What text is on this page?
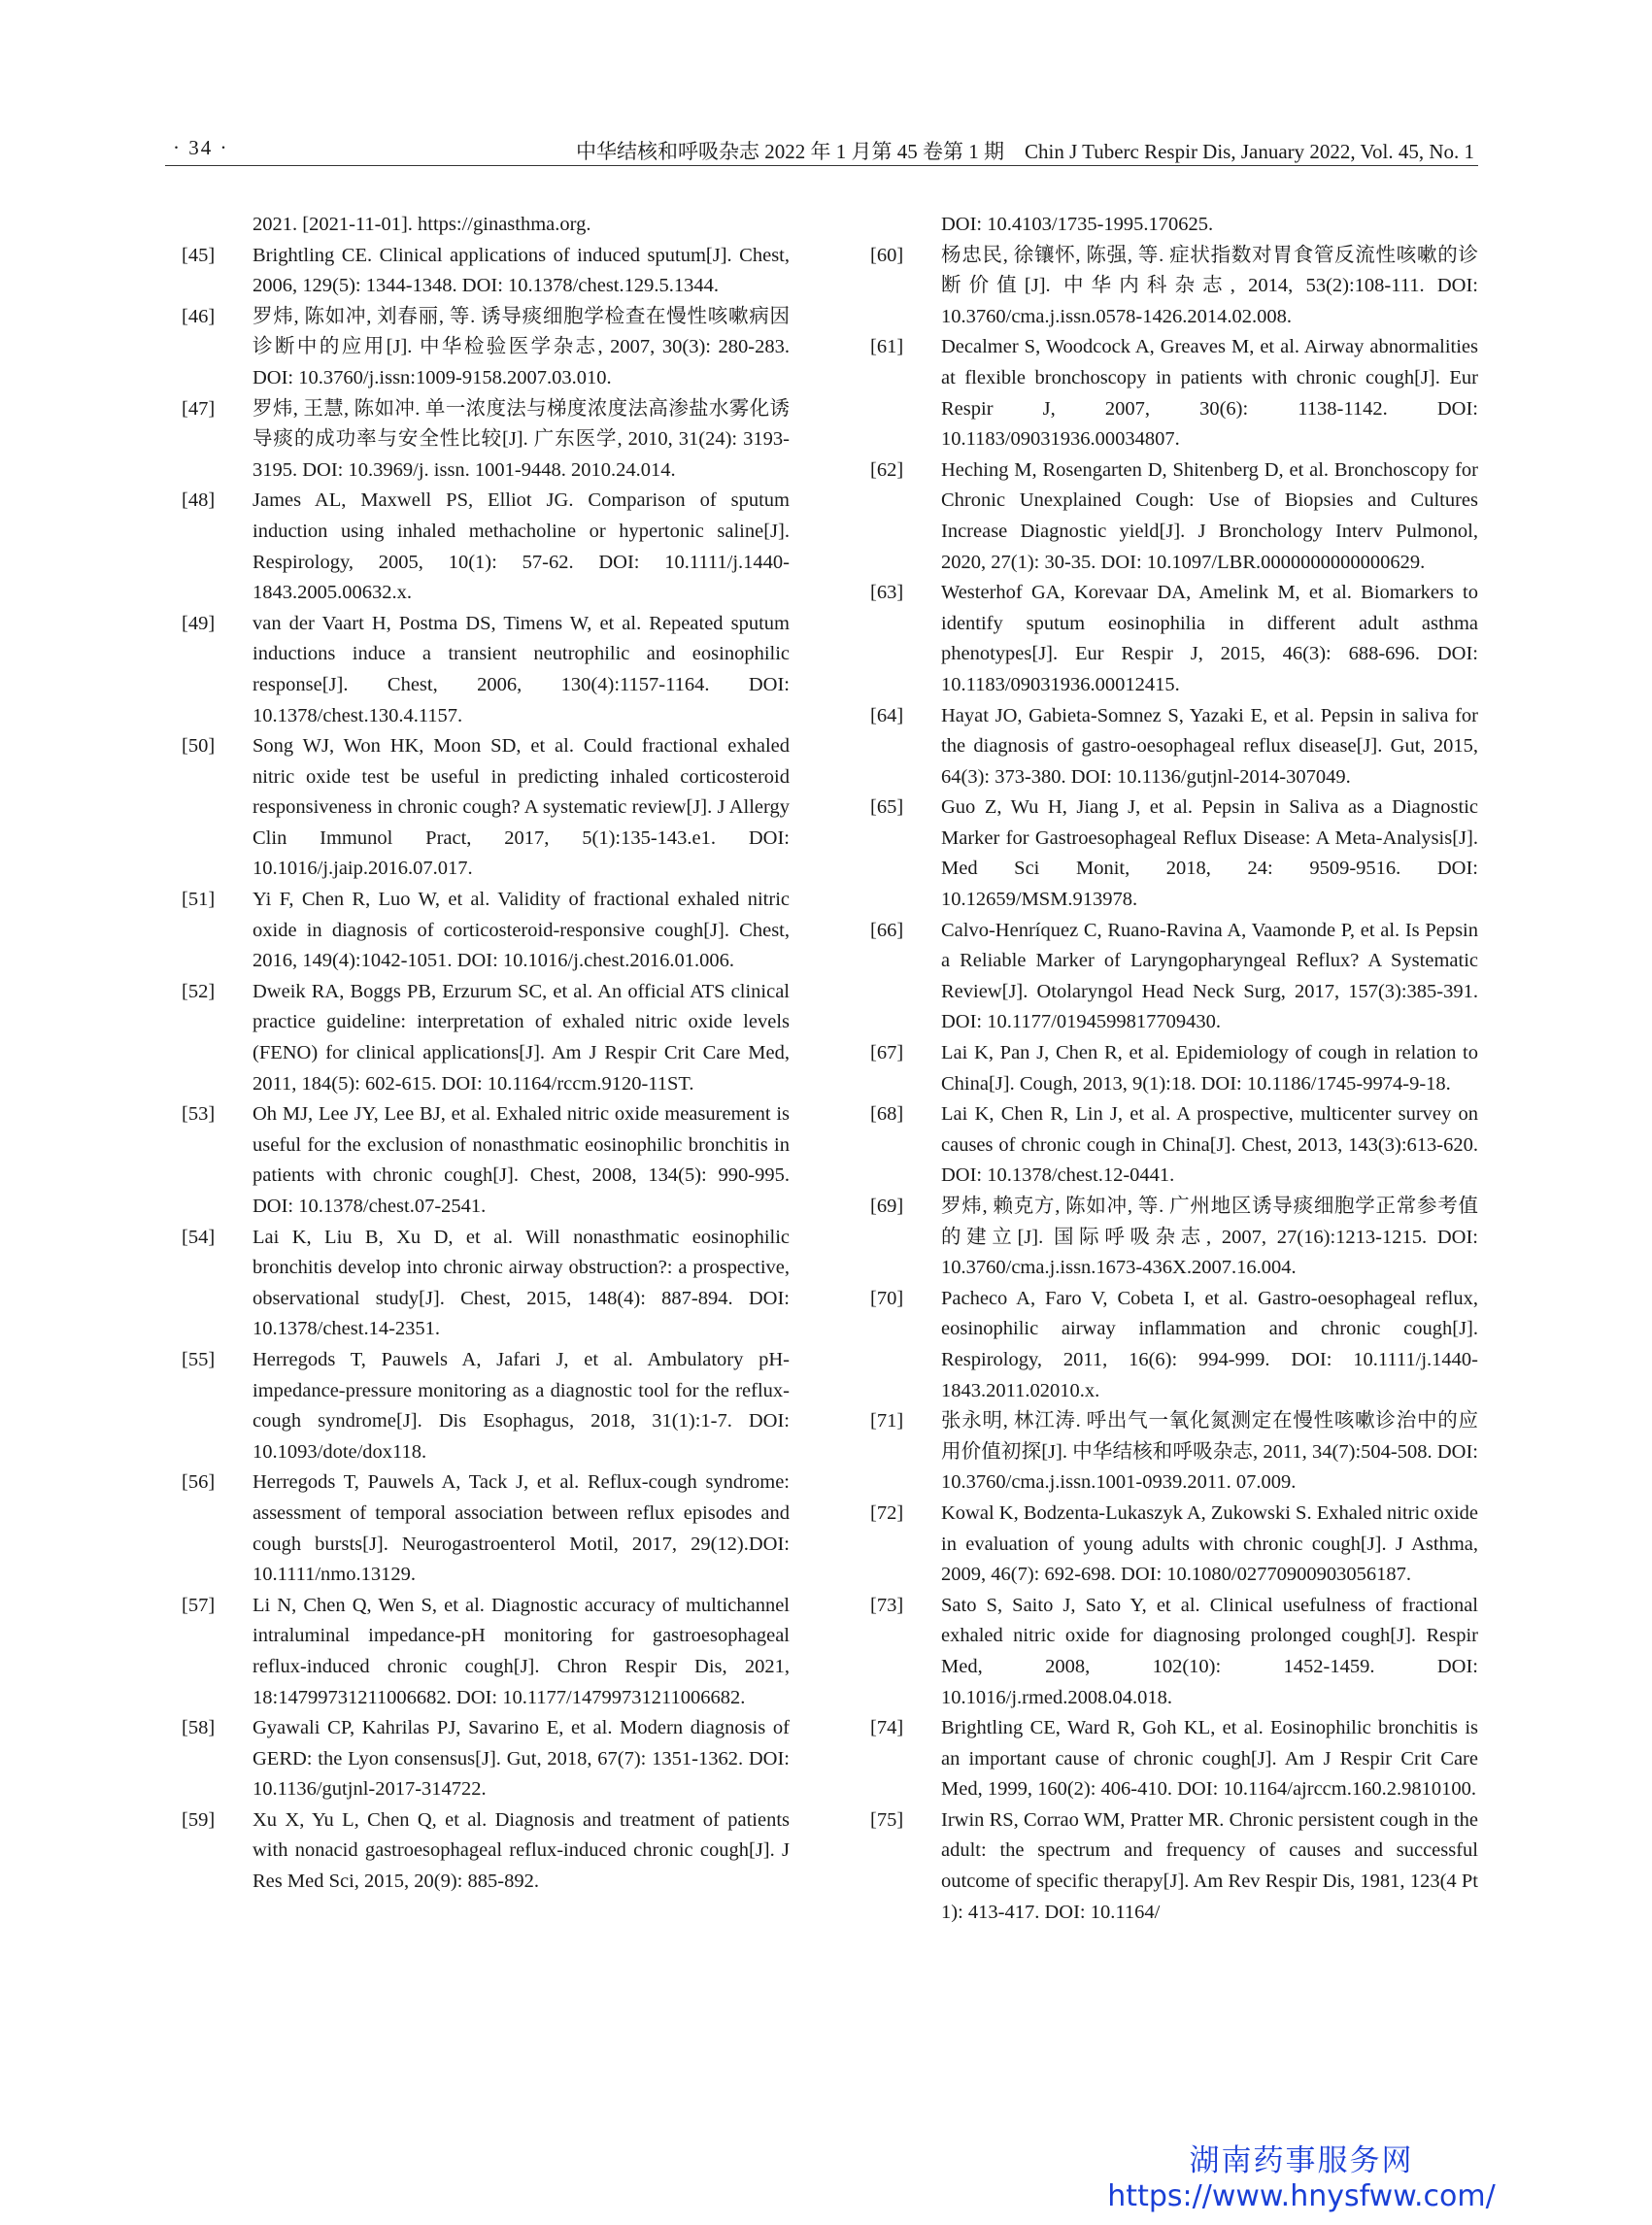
· 34 ·	中华结核和呼吸杂志 2022 年 1 月第 45 卷第 1 期　Chin J Tuberc Respir Dis, January 2022, Vol. 45, No. 1
2021. [2021-11-01]. https://ginasthma.org.
[45]	Brightling CE. Clinical applications of induced sputum[J]. Chest, 2006, 129(5): 1344-1348. DOI: 10.1378/chest.129.5.1344.
[46]	罗炜, 陈如冲, 刘春丽, 等. 诱导痰细胞学检查在慢性咳嗽病因诊断中的应用[J]. 中华检验医学杂志, 2007, 30(3): 280-283. DOI: 10.3760/j.issn:1009-9158.2007.03.010.
[47]	罗炜, 王慧, 陈如冲. 单一浓度法与梯度浓度法高渗盐水雾化诱导痰的成功率与安全性比较[J]. 广东医学, 2010, 31(24): 3193-3195. DOI: 10.3969/j. issn. 1001-9448. 2010.24.014.
[48]	James AL, Maxwell PS, Elliot JG. Comparison of sputum induction using inhaled methacholine or hypertonic saline[J]. Respirology, 2005, 10(1): 57-62. DOI: 10.1111/j.1440-1843.2005.00632.x.
[49]	van der Vaart H, Postma DS, Timens W, et al. Repeated sputum inductions induce a transient neutrophilic and eosinophilic response[J]. Chest, 2006, 130(4):1157-1164. DOI: 10.1378/chest.130.4.1157.
[50]	Song WJ, Won HK, Moon SD, et al. Could fractional exhaled nitric oxide test be useful in predicting inhaled corticosteroid responsiveness in chronic cough? A systematic review[J]. J Allergy Clin Immunol Pract, 2017, 5(1):135-143.e1. DOI: 10.1016/j.jaip.2016.07.017.
[51]	Yi F, Chen R, Luo W, et al. Validity of fractional exhaled nitric oxide in diagnosis of corticosteroid-responsive cough[J]. Chest, 2016, 149(4):1042-1051. DOI: 10.1016/j.chest.2016.01.006.
[52]	Dweik RA, Boggs PB, Erzurum SC, et al. An official ATS clinical practice guideline: interpretation of exhaled nitric oxide levels (FENO) for clinical applications[J]. Am J Respir Crit Care Med, 2011, 184(5): 602-615. DOI: 10.1164/rccm.9120-11ST.
[53]	Oh MJ, Lee JY, Lee BJ, et al. Exhaled nitric oxide measurement is useful for the exclusion of nonasthmatic eosinophilic bronchitis in patients with chronic cough[J]. Chest, 2008, 134(5): 990-995. DOI: 10.1378/chest.07-2541.
[54]	Lai K, Liu B, Xu D, et al. Will nonasthmatic eosinophilic bronchitis develop into chronic airway obstruction?: a prospective, observational study[J]. Chest, 2015, 148(4): 887-894. DOI: 10.1378/chest.14-2351.
[55]	Herregods T, Pauwels A, Jafari J, et al. Ambulatory pH-impedance-pressure monitoring as a diagnostic tool for the reflux-cough syndrome[J]. Dis Esophagus, 2018, 31(1):1-7. DOI: 10.1093/dote/dox118.
[56]	Herregods T, Pauwels A, Tack J, et al. Reflux-cough syndrome: assessment of temporal association between reflux episodes and cough bursts[J]. Neurogastroenterol Motil, 2017, 29(12).DOI: 10.1111/nmo.13129.
[57]	Li N, Chen Q, Wen S, et al. Diagnostic accuracy of multichannel intraluminal impedance-pH monitoring for gastroesophageal reflux-induced chronic cough[J]. Chron Respir Dis, 2021, 18:14799731211006682. DOI: 10.1177/14799731211006682.
[58]	Gyawali CP, Kahrilas PJ, Savarino E, et al. Modern diagnosis of GERD: the Lyon consensus[J]. Gut, 2018, 67(7): 1351-1362. DOI: 10.1136/gutjnl-2017-314722.
[59]	Xu X, Yu L, Chen Q, et al. Diagnosis and treatment of patients with nonacid gastroesophageal reflux-induced chronic cough[J]. J Res Med Sci, 2015, 20(9): 885-892.
DOI: 10.4103/1735-1995.170625.
[60]	杨忠民, 徐镶怀, 陈强, 等. 症状指数对胃食管反流性咳嗽的诊断价值[J]. 中华内科杂志, 2014, 53(2):108-111. DOI: 10.3760/cma.j.issn.0578-1426.2014.02.008.
[61]	Decalmer S, Woodcock A, Greaves M, et al. Airway abnormalities at flexible bronchoscopy in patients with chronic cough[J]. Eur Respir J, 2007, 30(6): 1138-1142. DOI: 10.1183/09031936.00034807.
[62]	Heching M, Rosengarten D, Shitenberg D, et al. Bronchoscopy for Chronic Unexplained Cough: Use of Biopsies and Cultures Increase Diagnostic yield[J]. J Bronchology Interv Pulmonol, 2020, 27(1): 30-35. DOI: 10.1097/LBR.0000000000000629.
[63]	Westerhof GA, Korevaar DA, Amelink M, et al. Biomarkers to identify sputum eosinophilia in different adult asthma phenotypes[J]. Eur Respir J, 2015, 46(3): 688-696. DOI: 10.1183/09031936.00012415.
[64]	Hayat JO, Gabieta-Somnez S, Yazaki E, et al. Pepsin in saliva for the diagnosis of gastro-oesophageal reflux disease[J]. Gut, 2015, 64(3): 373-380. DOI: 10.1136/gutjnl-2014-307049.
[65]	Guo Z, Wu H, Jiang J, et al. Pepsin in Saliva as a Diagnostic Marker for Gastroesophageal Reflux Disease: A Meta-Analysis[J]. Med Sci Monit, 2018, 24: 9509-9516. DOI: 10.12659/MSM.913978.
[66]	Calvo-Henríquez C, Ruano-Ravina A, Vaamonde P, et al. Is Pepsin a Reliable Marker of Laryngopharyngeal Reflux? A Systematic Review[J]. Otolaryngol Head Neck Surg, 2017, 157(3):385-391. DOI: 10.1177/0194599817709430.
[67]	Lai K, Pan J, Chen R, et al. Epidemiology of cough in relation to China[J]. Cough, 2013, 9(1):18. DOI: 10.1186/1745-9974-9-18.
[68]	Lai K, Chen R, Lin J, et al. A prospective, multicenter survey on causes of chronic cough in China[J]. Chest, 2013, 143(3):613-620. DOI: 10.1378/chest.12-0441.
[69]	罗炜, 赖克方, 陈如冲, 等. 广州地区诱导痰细胞学正常参考值的建立[J]. 国际呼吸杂志, 2007, 27(16):1213-1215. DOI: 10.3760/cma.j.issn.1673-436X.2007.16.004.
[70]	Pacheco A, Faro V, Cobeta I, et al. Gastro-oesophageal reflux, eosinophilic airway inflammation and chronic cough[J]. Respirology, 2011, 16(6): 994-999. DOI: 10.1111/j.1440-1843.2011.02010.x.
[71]	张永明, 林江涛. 呼出气一氧化氮测定在慢性咳嗽诊治中的应用价值初探[J]. 中华结核和呼吸杂志, 2011, 34(7):504-508. DOI: 10.3760/cma.j.issn.1001-0939.2011. 07.009.
[72]	Kowal K, Bodzenta-Lukaszyk A, Zukowski S. Exhaled nitric oxide in evaluation of young adults with chronic cough[J]. J Asthma, 2009, 46(7): 692-698. DOI: 10.1080/02770900903056187.
[73]	Sato S, Saito J, Sato Y, et al. Clinical usefulness of fractional exhaled nitric oxide for diagnosing prolonged cough[J]. Respir Med, 2008, 102(10): 1452-1459. DOI: 10.1016/j.rmed.2008.04.018.
[74]	Brightling CE, Ward R, Goh KL, et al. Eosinophilic bronchitis is an important cause of chronic cough[J]. Am J Respir Crit Care Med, 1999, 160(2): 406-410. DOI: 10.1164/ajrccm.160.2.9810100.
[75]	Irwin RS, Corrao WM, Pratter MR. Chronic persistent cough in the adult: the spectrum and frequency of causes and successful outcome of specific therapy[J]. Am Rev Respir Dis, 1981, 123(4 Pt 1): 413-417. DOI: 10.1164/
湖南药事服务网
https://www.hnysfww.com/
